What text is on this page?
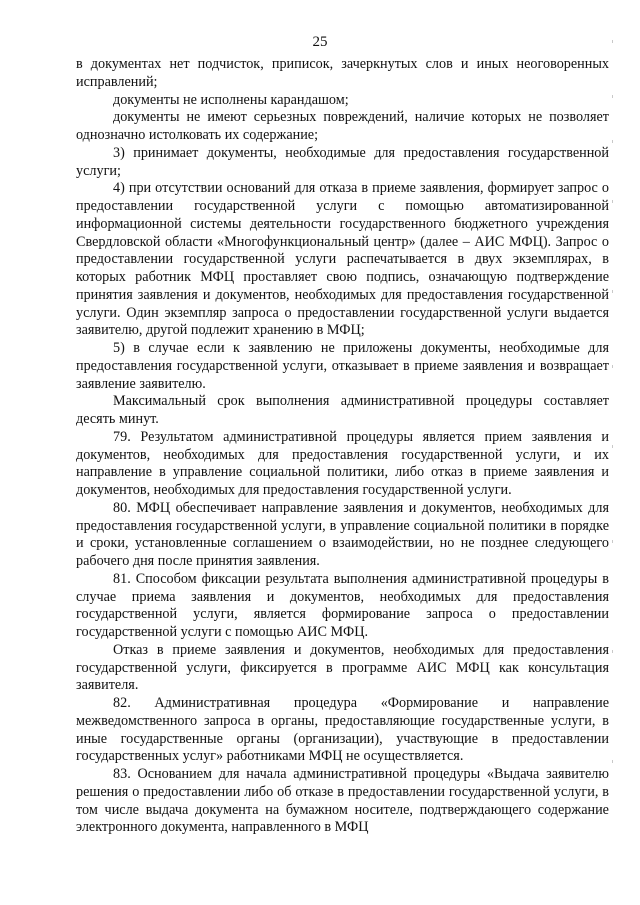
25

в документах нет подчисток, приписок, зачеркнутых слов и иных неоговоренных исправлений;

документы не исполнены карандашом;

документы не имеют серьезных повреждений, наличие которых не позволяет однозначно истолковать их содержание;

3) принимает документы, необходимые для предоставления государственной услуги;

4) при отсутствии оснований для отказа в приеме заявления, формирует запрос о предоставлении государственной услуги с помощью автоматизированной информационной системы деятельности государственного бюджетного учреждения Свердловской области «Многофункциональный центр» (далее – АИС МФЦ). Запрос о предоставлении государственной услуги распечатывается в двух экземплярах, в которых работник МФЦ проставляет свою подпись, означающую подтверждение принятия заявления и документов, необходимых для предоставления государственной услуги. Один экземпляр запроса о предоставлении государственной услуги выдается заявителю, другой подлежит хранению в МФЦ;

5) в случае если к заявлению не приложены документы, необходимые для предоставления государственной услуги, отказывает в приеме заявления и возвращает заявление заявителю.

Максимальный срок выполнения административной процедуры составляет десять минут.

79. Результатом административной процедуры является прием заявления и документов, необходимых для предоставления государственной услуги, и их направление в управление социальной политики, либо отказ в приеме заявления и документов, необходимых для предоставления государственной услуги.

80. МФЦ обеспечивает направление заявления и документов, необходимых для предоставления государственной услуги, в управление социальной политики в порядке и сроки, установленные соглашением о взаимодействии, но не позднее следующего рабочего дня после принятия заявления.

81. Способом фиксации результата выполнения административной процедуры в случае приема заявления и документов, необходимых для предоставления государственной услуги, является формирование запроса о предоставлении государственной услуги с помощью АИС МФЦ.

Отказ в приеме заявления и документов, необходимых для предоставления государственной услуги, фиксируется в программе АИС МФЦ как консультация заявителя.

82. Административная процедура «Формирование и направление межведомственного запроса в органы, предоставляющие государственные услуги, в иные государственные органы (организации), участвующие в предоставлении государственных услуг» работниками МФЦ не осуществляется.

83. Основанием для начала административной процедуры «Выдача заявителю решения о предоставлении либо об отказе в предоставлении государственной услуги, в том числе выдача документа на бумажном носителе, подтверждающего содержание электронного документа, направленного в МФЦ
